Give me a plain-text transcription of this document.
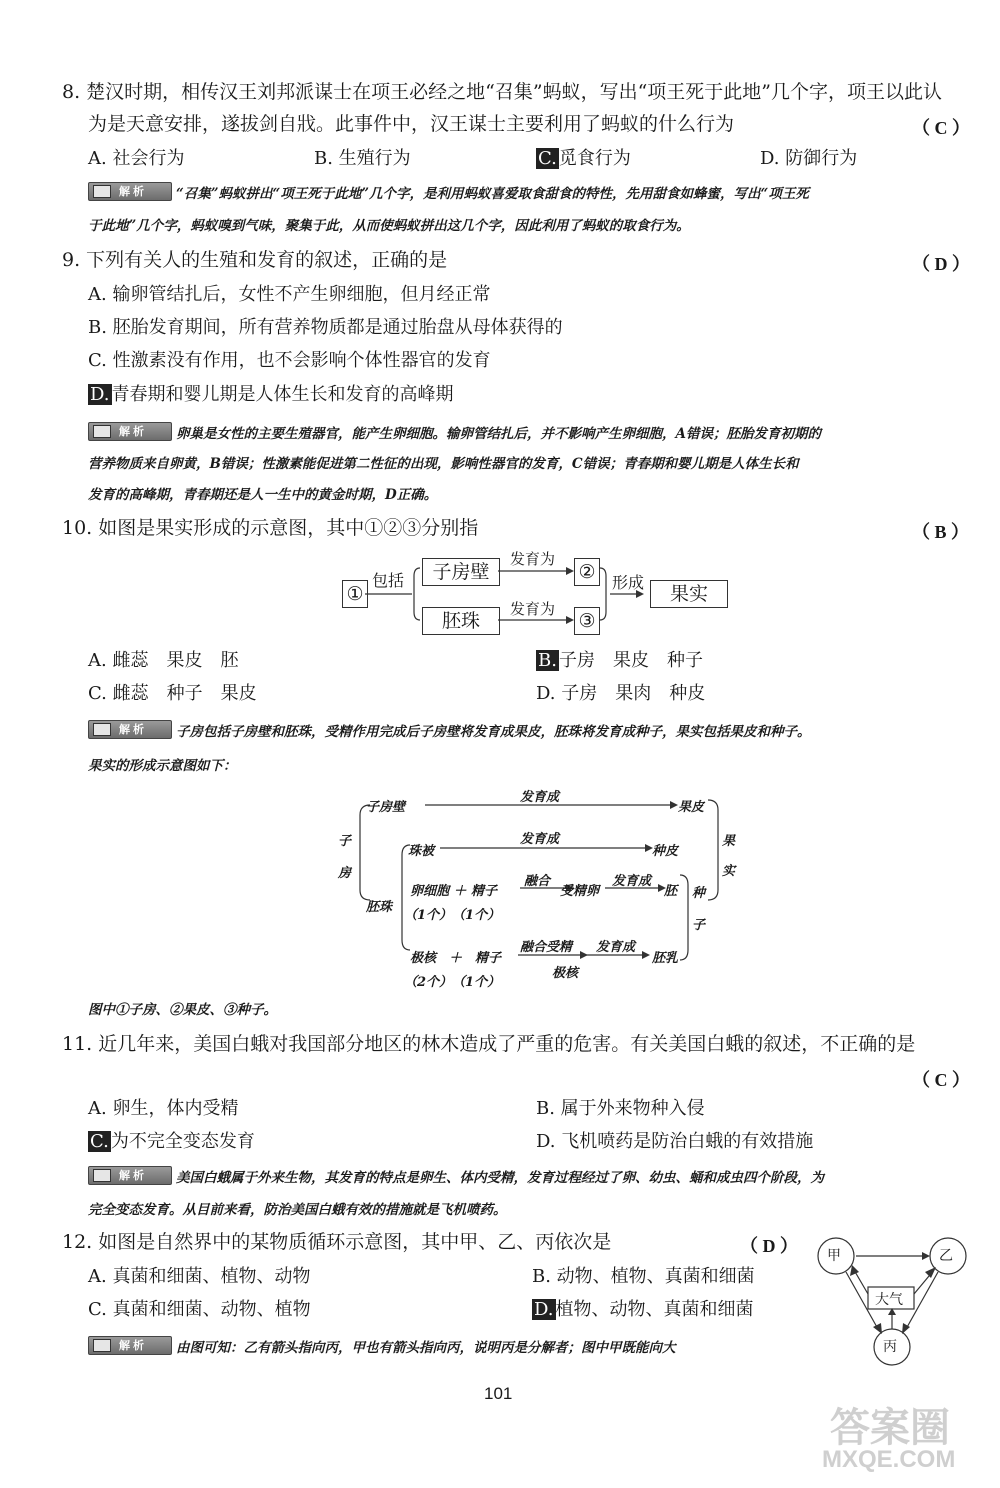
8. 楚汉时期，相传汉王刘邦派谋士在项王必经之地“召集”蚂蚁，写出“项王死于此地”几个字，项王以此认
为是天意安排，遂拔剑自戕。此事件中，汉王谋士主要利用了蚂蚁的什么行为	（ C ）
A. 社会行为	B. 生殖行为	C. 觅食行为	D. 防御行为
解析 “召集”蚂蚁拼出“项王死于此地”几个字，是利用蚂蚁喜爱取食甜食的特性，先用甜食如蜂蜜，写出“项王死
于此地”几个字，蚂蚁嗅到气味，聚集于此，从而使蚂蚁拼出这几个字，因此利用了蚂蚁的取食行为。
9. 下列有关人的生殖和发育的叙述，正确的是	（ D ）
A. 输卵管结扎后，女性不产生卵细胞，但月经正常
B. 胚胎发育期间，所有营养物质都是通过胎盘从母体获得的
C. 性激素没有作用，也不会影响个体性器官的发育
D. 青春期和婴儿期是人体生长和发育的高峰期
解析 卵巢是女性的主要生殖器官，能产生卵细胞。输卵管结扎后，并不影响产生卵细胞，A错误；胚胎发育初期的
营养物质来自卵黄，B错误；性激素能促进第二性征的出现，影响性器官的发育，C错误；青春期和婴儿期是人体生长和
发育的高峰期，青春期还是人一生中的黄金时期，D正确。
10. 如图是果实形成的示意图，其中①②③分别指	（ B ）
①
包括	子房壁
胚珠
发育为
发育为
②
③
形成
果实
A. 雌蕊　果皮　胚	B. 子房　果皮　种子
C. 雌蕊　种子　果皮	D. 子房　果肉　种皮
解析 子房包括子房壁和胚珠，受精作用完成后子房壁将发育成果皮，胚珠将发育成种子，果实包括果皮和种子。
果实的形成示意图如下：
子
房
子房壁
发育成
果皮
珠被
发育成
种皮
胚珠
卵细胞 ＋ 精子
（1个）　（1个）
融合
受精卵
发育成
胚
极核　＋　精子
（2个）　（1个）
融合受精
极核
发育成
胚乳
种
子
果
实
图中①子房、②果皮、③种子。
11. 近几年来，美国白蛾对我国部分地区的林木造成了严重的危害。有关美国白蛾的叙述，不正确的是
（ C ）
A. 卵生，体内受精	B. 属于外来物种入侵
C. 为不完全变态发育	D. 飞机喷药是防治白蛾的有效措施
解析 美国白蛾属于外来生物，其发育的特点是卵生、体内受精，发育过程经过了卵、幼虫、蛹和成虫四个阶段，为
完全变态发育。从目前来看，防治美国白蛾有效的措施就是飞机喷药。
12. 如图是自然界中的某物质循环示意图，其中甲、乙、丙依次是	（ D ）
A. 真菌和细菌、植物、动物	B. 动物、植物、真菌和细菌
C. 真菌和细菌、动物、植物	D. 植物、动物、真菌和细菌
甲	乙
丙
大气
解析 由图可知：乙有箭头指向丙，甲也有箭头指向丙，说明丙是分解者；图中甲既能向大
101
答案圈
MXQE.COM
